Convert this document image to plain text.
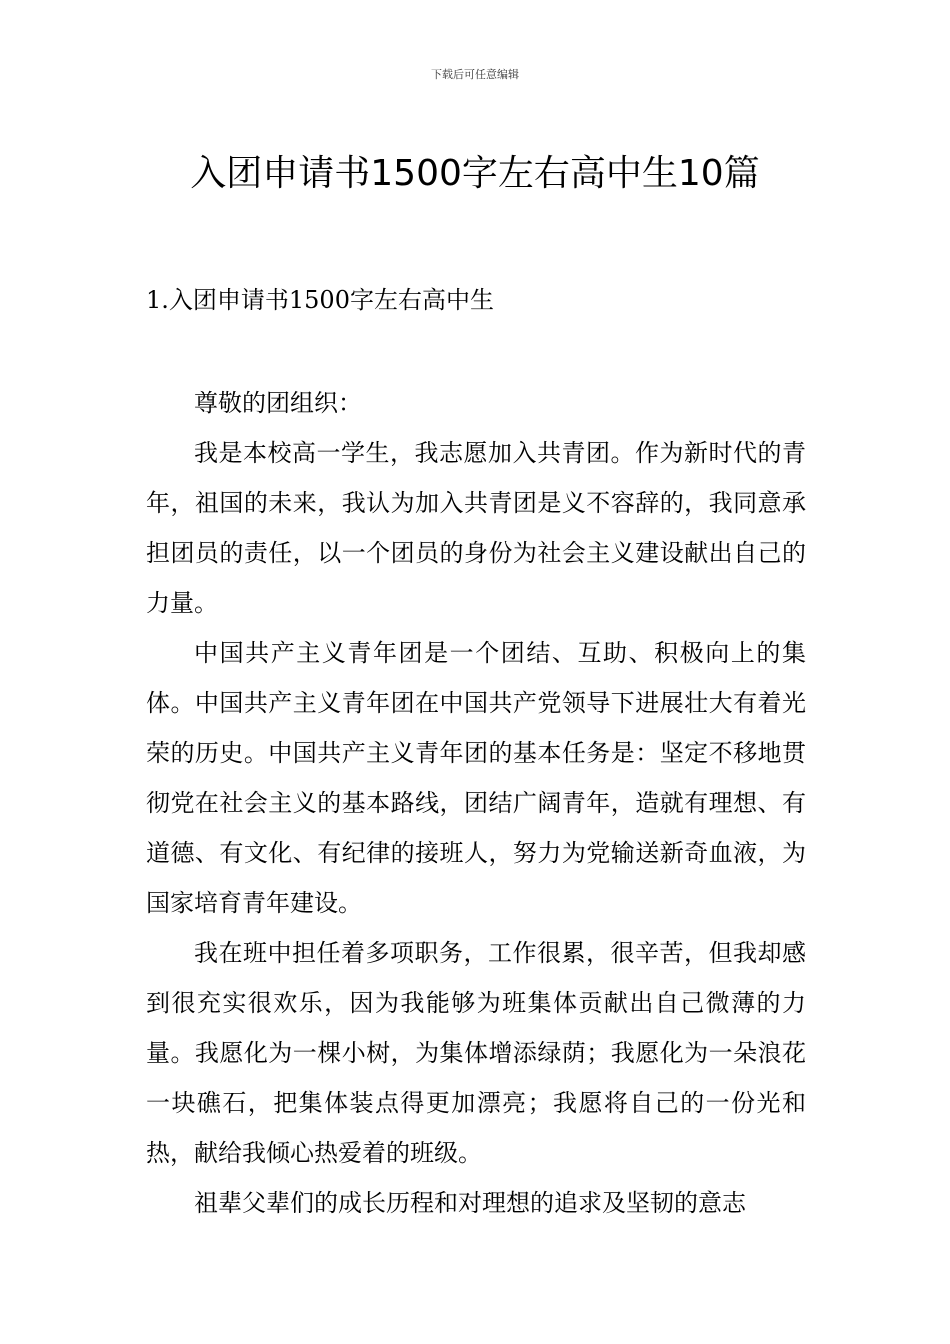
下载后可任意编辑
入团申请书1500字左右高中生10篇
1.入团申请书1500字左右高中生

尊敬的团组织：

我是本校高一学生，我志愿加入共青团。作为新时代的青年，祖国的未来，我认为加入共青团是义不容辞的，我同意承担团员的责任，以一个团员的身份为社会主义建设献出自己的力量。

中国共产主义青年团是一个团结、互助、积极向上的集体。中国共产主义青年团在中国共产党领导下进展壮大有着光荣的历史。中国共产主义青年团的基本任务是：坚定不移地贯彻党在社会主义的基本路线，团结广阔青年，造就有理想、有道德、有文化、有纪律的接班人，努力为党输送新奇血液，为国家培育青年建设。

我在班中担任着多项职务，工作很累，很辛苦，但我却感到很充实很欢乐，因为我能够为班集体贡献出自己微薄的力量。我愿化为一棵小树，为集体增添绿荫；我愿化为一朵浪花一块礁石，把集体装点得更加漂亮；我愿将自己的一份光和热，献给我倾心热爱着的班级。

祖辈父辈们的成长历程和对理想的追求及坚韧的意志
